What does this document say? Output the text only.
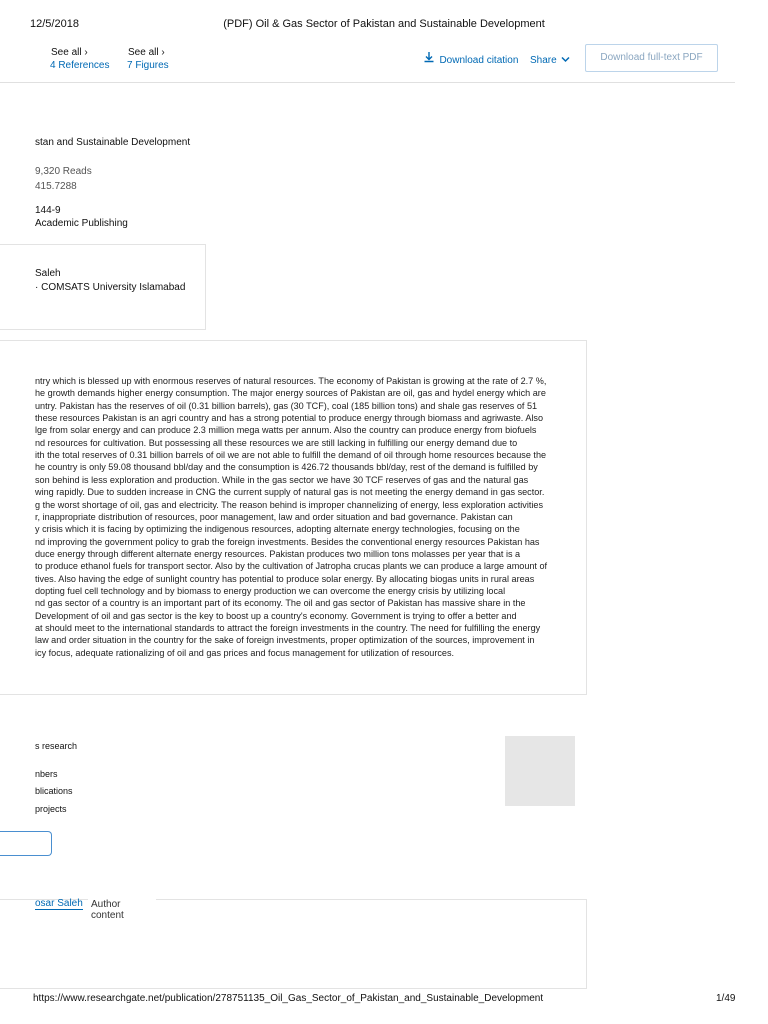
12/5/2018	(PDF) Oil & Gas Sector of Pakistan and Sustainable Development
See all ›
4 References
See all ›
7 Figures	Download citation Share	Download full-text PDF
stan and Sustainable Development
9,320 Reads
415.7288
144-9
Academic Publishing
Saleh
· COMSATS University Islamabad
ntry which is blessed up with enormous reserves of natural resources. The economy of Pakistan is growing at the rate of 2.7 %,
he growth demands higher energy consumption. The major energy sources of Pakistan are oil, gas and hydel energy which are
untry. Pakistan has the reserves of oil (0.31 billion barrels), gas (30 TCF), coal (185 billion tons) and shale gas reserves of 51
these resources Pakistan is an agri country and has a strong potential to produce energy through biomass and agriwaste. Also
lge from solar energy and can produce 2.3 million mega watts per annum. Also the country can produce energy from biofuels
nd resources for cultivation. But possessing all these resources we are still lacking in fulfilling our energy demand due to
ith the total reserves of 0.31 billion barrels of oil we are not able to fulfill the demand of oil through home resources because the
he country is only 59.08 thousand bbl/day and the consumption is 426.72 thousands bbl/day, rest of the demand is fulfilled by
son behind is less exploration and production. While in the gas sector we have 30 TCF reserves of gas and the natural gas
wing rapidly. Due to sudden increase in CNG the current supply of natural gas is not meeting the energy demand in gas sector.
g the worst shortage of oil, gas and electricity. The reason behind is improper channelizing of energy, less exploration activities
r, inappropriate distribution of resources, poor management, law and order situation and bad governance. Pakistan can
y crisis which it is facing by optimizing the indigenous resources, adopting alternate energy technologies, focusing on the
nd improving the government policy to grab the foreign investments. Besides the conventional energy resources Pakistan has
duce energy through different alternate energy resources. Pakistan produces two million tons molasses per year that is a
to produce ethanol fuels for transport sector. Also by the cultivation of Jatropha crucas plants we can produce a large amount of
tives. Also having the edge of sunlight country has potential to produce solar energy. By allocating biogas units in rural areas
dopting fuel cell technology and by biomass to energy production we can overcome the energy crisis by utilizing local
nd gas sector of a country is an important part of its economy. The oil and gas sector of Pakistan has massive share in the
Development of oil and gas sector is the key to boost up a country's economy. Government is trying to offer a better and
at should meet to the international standards to attract the foreign investments in the country. The need for fulfilling the energy
law and order situation in the country for the sake of foreign investments, proper optimization of the sources, improvement in
icy focus, adequate rationalizing of oil and gas prices and focus management for utilization of resources.
s research
nbers
blications
projects
osar Saleh Author content
https://www.researchgate.net/publication/278751135_Oil_Gas_Sector_of_Pakistan_and_Sustainable_Development	1/49
